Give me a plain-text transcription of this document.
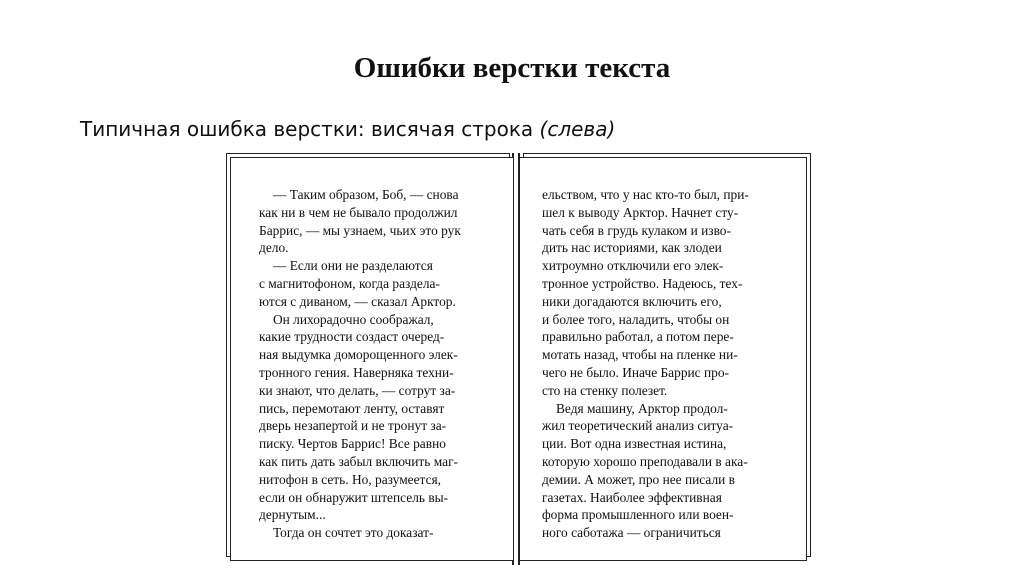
Ошибки верстки текста
Типичная ошибка верстки: висячая строка (слева)
— Таким образом, Боб, — снова
как ни в чем не бывало продолжил
Баррис, — мы узнаем, чьих это рук
дело.
— Если они не разделаются
с магнитофоном, когда разделa-
ются с диваном, — сказал Арктор.
Он лихорадочно соображал,
какие трудности создаст очеред-
ная выдумка доморощенного элек-
тронного гения. Наверняка техни-
ки знают, что делать, — сотрут за-
пись, перемотают ленту, оставят
дверь незапертой и не тронут за-
писку. Чертов Баррис! Все равно
как пить дать забыл включить маг-
нитофон в сеть. Но, разумеется,
если он обнаружит штепсель вы-
дернутым...
Тогда он сочтет это доказат-
ельством, что у нас кто-то был, при-
шел к выводу Арктор. Начнет сту-
чать себя в грудь кулаком и изво-
дить нас историями, как злодеи
хитроумно отключили его элек-
тронное устройство. Надеюсь, тех-
ники догадаются включить его,
и более того, наладить, чтобы он
правильно работал, а потом пере-
мотать назад, чтобы на пленке ни-
чего не было. Иначе Баррис про-
сто на стенку полезет.
Ведя машину, Арктор продол-
жил теоретический анализ ситуа-
ции. Вот одна известная истина,
которую хорошо преподавали в ака-
демии. А может, про нее писали в
газетах. Наиболее эффективная
форма промышленного или воен-
ного саботажа — ограничиться
